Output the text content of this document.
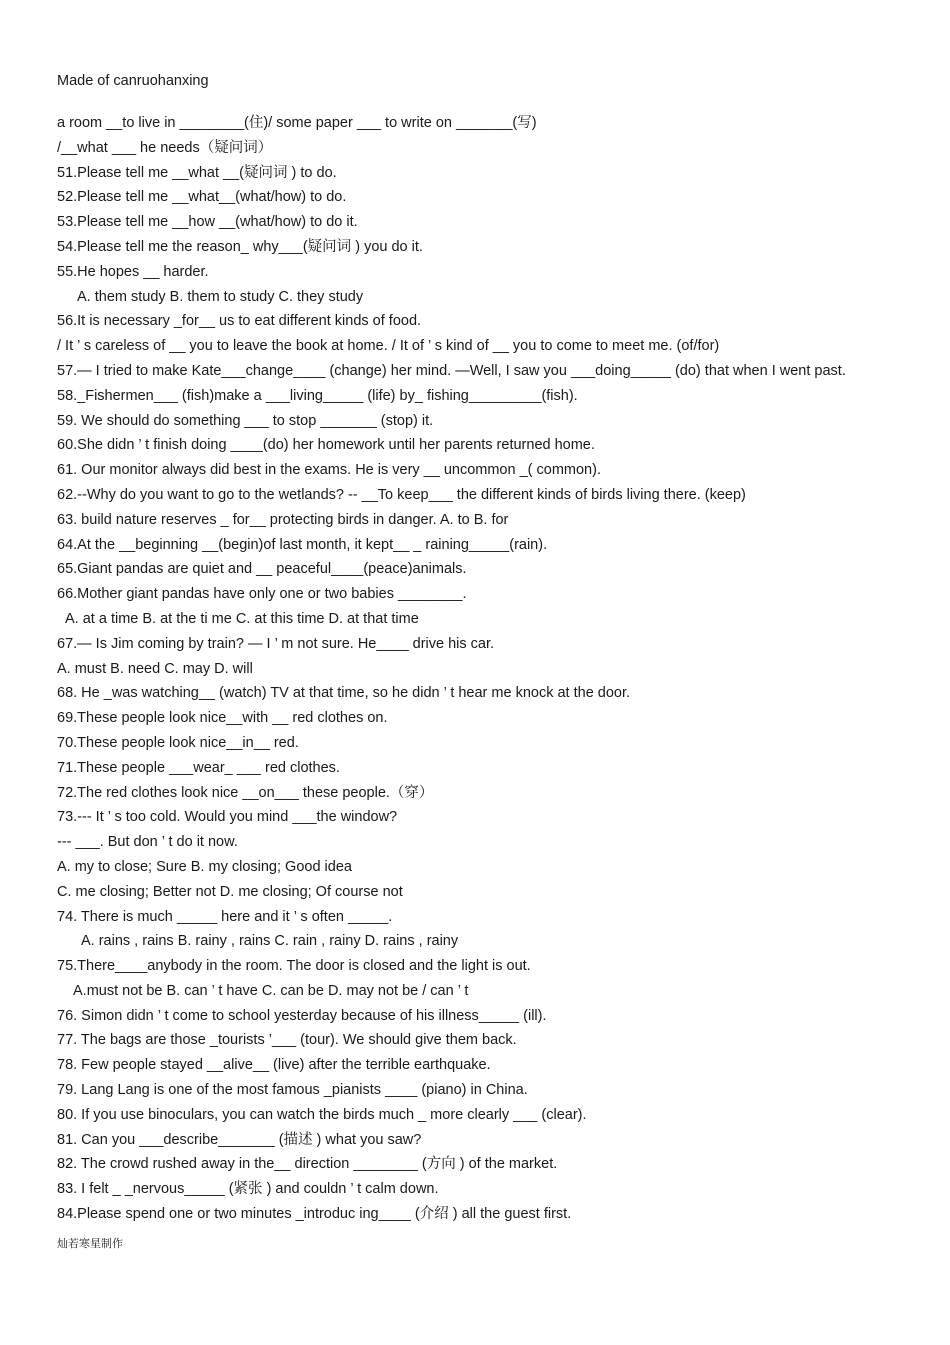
Made of canruohanxing
a room __to live in ________(住)/ some paper ___ to write on _______(写)
/__what ___ he needs（疑问词）
51.Please tell me __what __(疑问词 ) to do.
52.Please tell me __what__(what/how) to do.
53.Please tell me __how __(what/how) to do it.
54.Please tell me the reason_ why___(疑问词 ) you do it.
55.He hopes __ harder.
A. them study B. them to study C. they study
56.It is necessary _for__ us to eat different kinds of food.
/ It ’ s careless of __ you to leave the book at home. / It of ’ s kind of __ you to come to meet me. (of/for)
57.— I tried to make Kate___change____ (change) her mind. —Well, I saw you ___doing_____ (do) that when I went past.
58._Fishermen___ (fish)make a ___living_____ (life) by_ fishing_________(fish).
59. We should do something ___ to stop _______ (stop) it.
60.She didn ’ t finish doing ____(do) her homework until her parents returned home.
61. Our monitor always did best in the exams. He is very __ uncommon _( common).
62.--Why do you want to go to the wetlands? -- __To keep___ the different kinds of birds living there. (keep)
63. build nature reserves _ for__ protecting birds in danger. A. to B. for
64.At the __beginning __(begin)of last month, it kept__ _ raining_____(rain).
65.Giant pandas are quiet and __ peaceful____(peace)animals.
66.Mother giant pandas have only one or two babies ________.
A. at a time B. at the ti me C. at this time D. at that time
67.— Is Jim coming by train? — I ’ m not sure. He____ drive his car.
A. must B. need C. may D. will
68. He _was watching__ (watch) TV at that time, so he didn ’ t hear me knock at the door.
69.These people look nice__with __ red clothes on.
70.These people look nice__in__ red.
71.These people ___wear_ ___ red clothes.
72.The red clothes look nice __on___ these people.（穿）
73.--- It ’ s too cold. Would you mind ___the window?
--- ___. But don ’ t do it now.
A. my to close; Sure B. my closing; Good idea
C. me closing; Better not D. me closing; Of course not
74. There is much _____ here and it ’ s often _____.
A. rains , rains B. rainy , rains C. rain , rainy D. rains , rainy
75.There____anybody in the room. The door is closed and the light is out.
A.must not be B. can ’ t have C. can be D. may not be / can ’ t
76. Simon didn ’ t come to school yesterday because of his illness_____ (ill).
77. The bags are those _tourists ’___ (tour). We should give them back.
78. Few people stayed __alive__ (live) after the terrible earthquake.
79. Lang Lang is one of the most famous _pianists ____ (piano) in China.
80. If you use binoculars, you can watch the birds much _ more clearly ___ (clear).
81. Can you ___describe_______ (描述 ) what you saw?
82. The crowd rushed away in the__ direction ________ (方向 ) of the market.
83. I felt _ _nervous_____ (紧张 ) and couldn ’ t calm down.
84.Please spend one or two minutes _introduc ing____ (介绍 ) all the guest first.
灿若寒星制作
